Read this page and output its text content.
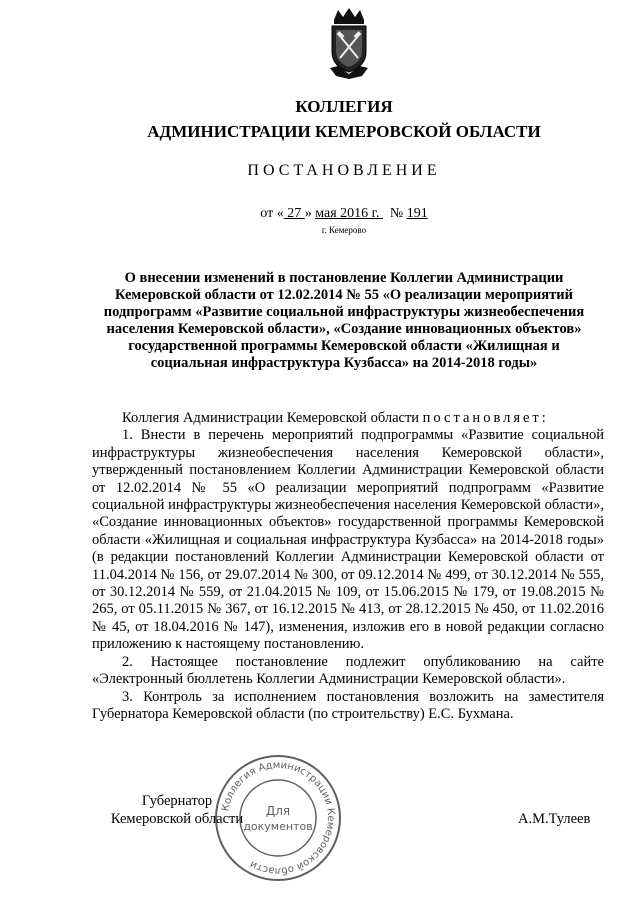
КОЛЛЕГИЯ
АДМИНИСТРАЦИИ КЕМЕРОВСКОЙ ОБЛАСТИ
ПОСТАНОВЛЕНИЕ
от « 27 » мая 2016 г.   № 191
г. Кемерово
О внесении изменений в постановление Коллегии Администрации
Кемеровской области от 12.02.2014 № 55 «О реализации мероприятий
подпрограмм «Развитие социальной инфраструктуры жизнеобеспечения
населения Кемеровской области», «Создание инновационных объектов»
государственной программы Кемеровской области «Жилищная и
социальная инфраструктура Кузбасса» на 2014-2018 годы»

Коллегия Администрации Кемеровской области постановляет:

1. Внести в перечень мероприятий подпрограммы «Развитие социальной инфраструктуры жизнеобеспечения населения Кемеровской области», утвержденный постановлением Коллегии Администрации Кемеровской области от 12.02.2014 № 55 «О реализации мероприятий подпрограмм «Развитие социальной инфраструктуры жизнеобеспечения населения Кемеровской области», «Создание инновационных объектов» государственной программы Кемеровской области «Жилищная и социальная инфраструктура Кузбасса» на 2014-2018 годы» (в редакции постановлений Коллегии Администрации Кемеровской области от 11.04.2014 № 156, от 29.07.2014 № 300, от 09.12.2014 № 499, от 30.12.2014 № 555, от 30.12.2014 № 559, от 21.04.2015 № 109, от 15.06.2015 № 179, от 19.08.2015 № 265, от 05.11.2015 № 367, от 16.12.2015 № 413, от 28.12.2015 № 450, от 11.02.2016 № 45, от 18.04.2016 № 147), изменения, изложив его в новой редакции согласно приложению к настоящему постановлению.

2. Настоящее постановление подлежит опубликованию на сайте «Электронный бюллетень Коллегии Администрации Кемеровской области».

3. Контроль за исполнением постановления возложить на заместителя Губернатора Кемеровской области (по строительству) Е.С. Бухмана.

Губернатор
Кемеровской области	А.М.Тулеев
Коллегия Администрации Кемеровской области
Для
документов
